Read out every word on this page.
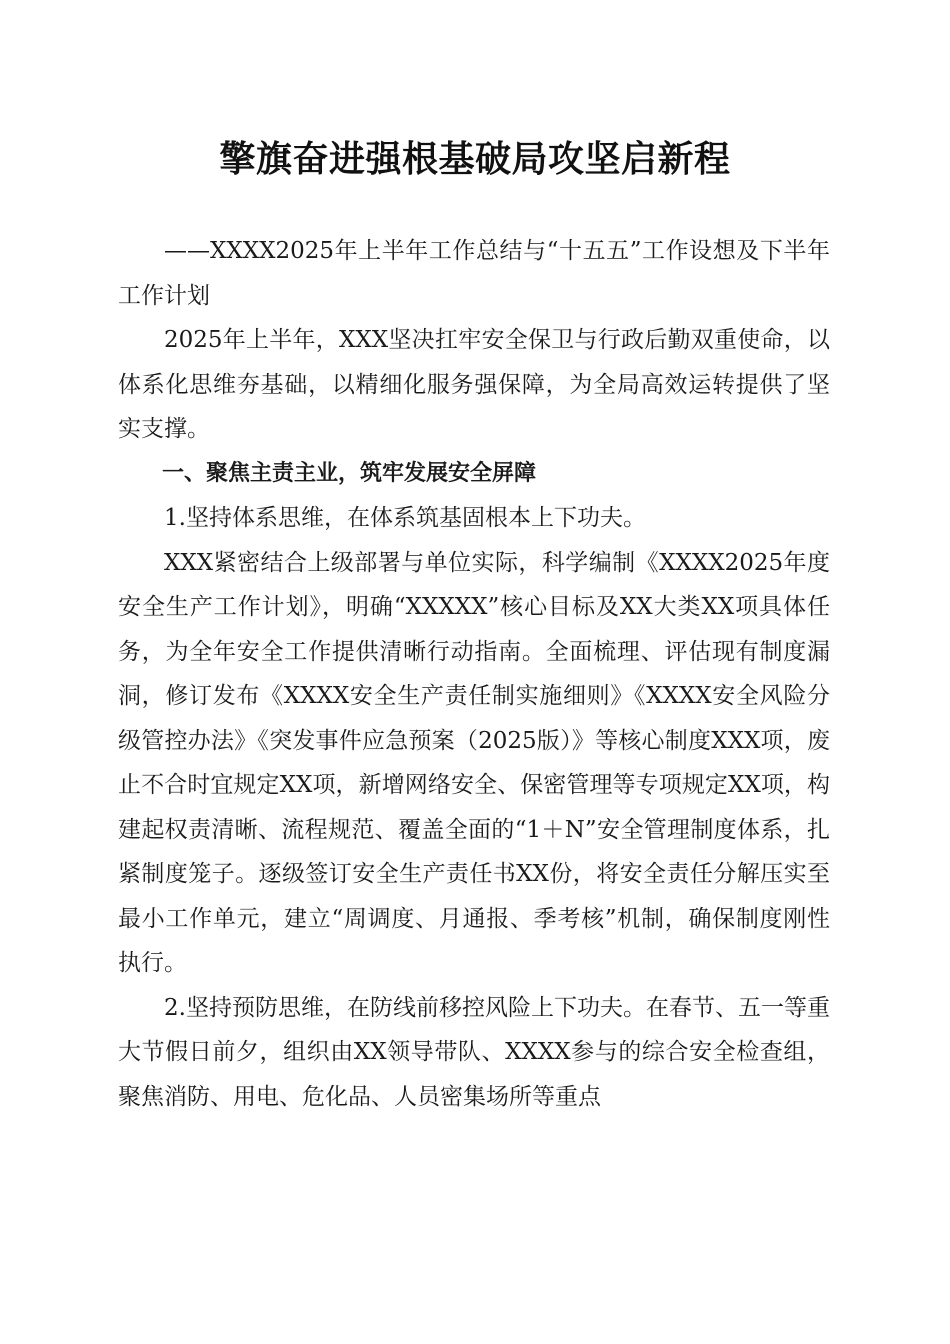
擎旗奋进强根基破局攻坚启新程

——XXXX2025年上半年工作总结与“十五五”工作设想及下半年工作计划

2025年上半年，XXX坚决扛牢安全保卫与行政后勤双重使命，以体系化思维夯基础，以精细化服务强保障，为全局高效运转提供了坚实支撑。

一、聚焦主责主业，筑牢发展安全屏障

1.坚持体系思维，在体系筑基固根本上下功夫。

XXX紧密结合上级部署与单位实际，科学编制《XXXX2025年度安全生产工作计划》，明确“XXXXX”核心目标及XX大类XX项具体任务，为全年安全工作提供清晰行动指南。全面梳理、评估现有制度漏洞，修订发布《XXXX安全生产责任制实施细则》《XXXX安全风险分级管控办法》《突发事件应急预案（2025版）》等核心制度XXX项，废止不合时宜规定XX项，新增网络安全、保密管理等专项规定XX项，构建起权责清晰、流程规范、覆盖全面的“1＋N”安全管理制度体系，扎紧制度笼子。逐级签订安全生产责任书XX份，将安全责任分解压实至最小工作单元，建立“周调度、月通报、季考核”机制，确保制度刚性执行。

2.坚持预防思维，在防线前移控风险上下功夫。在春节、五一等重大节假日前夕，组织由XX领导带队、XXXX参与的综合安全检查组，聚焦消防、用电、危化品、人员密集场所等重点
